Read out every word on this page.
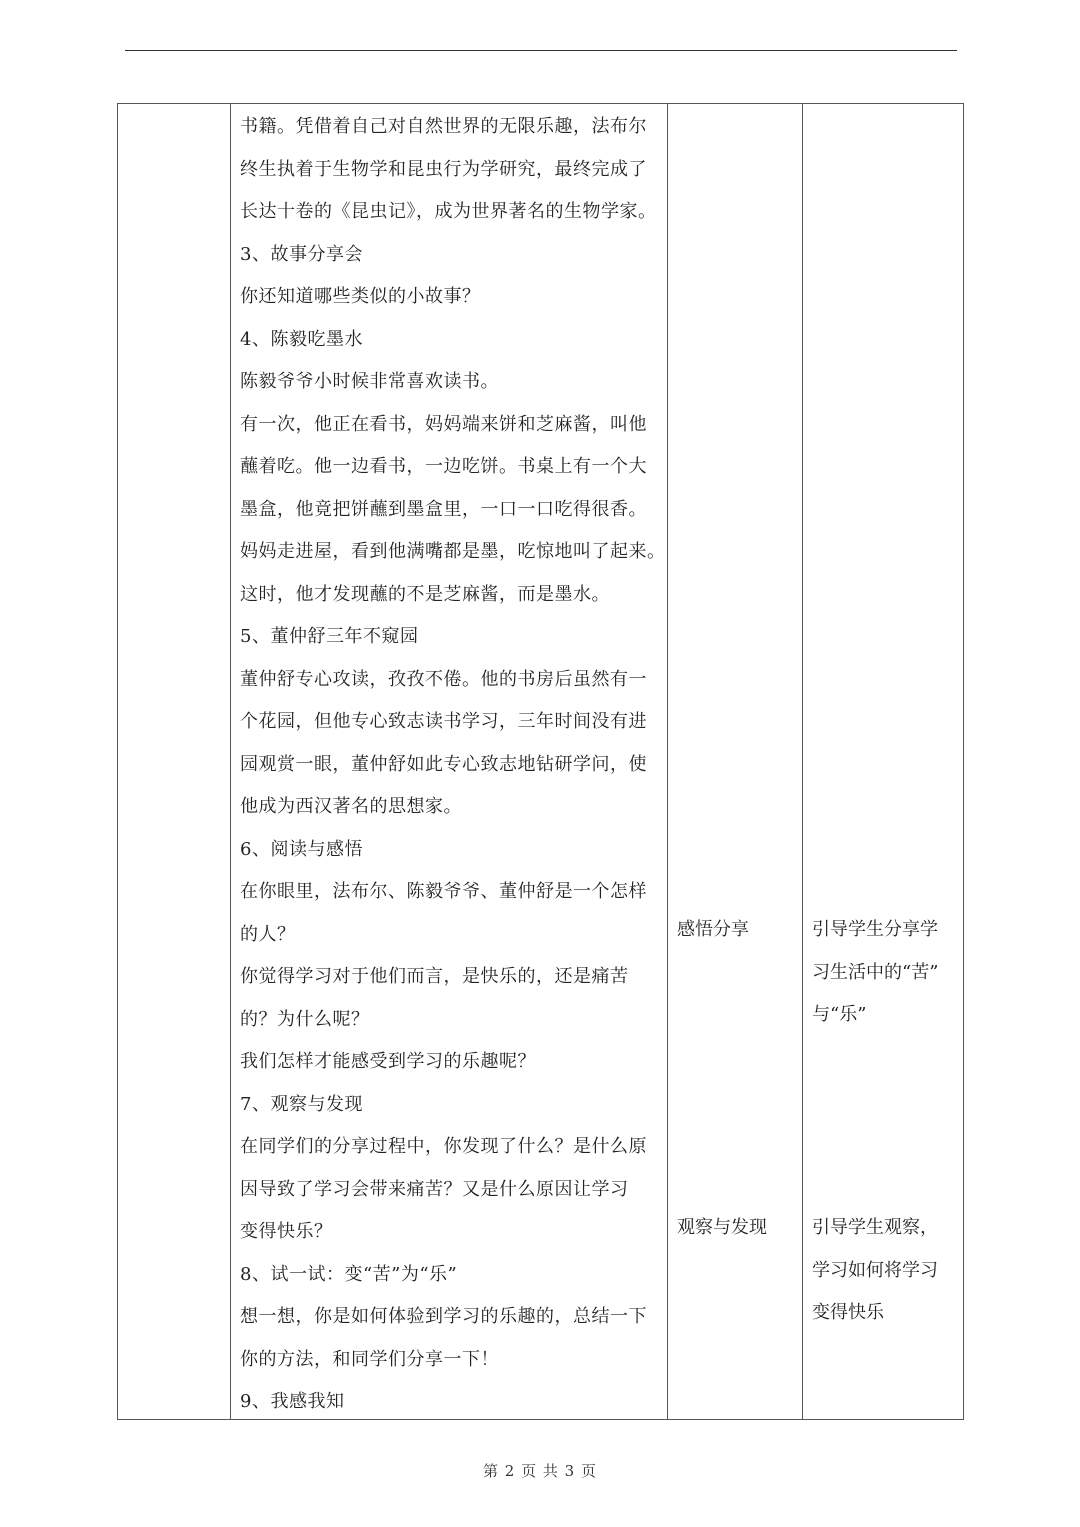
书籍。凭借着自己对自然世界的无限乐趣，法布尔

终生执着于生物学和昆虫行为学研究，最终完成了

长达十卷的《昆虫记》，成为世界著名的生物学家。

3、故事分享会

你还知道哪些类似的小故事？

4、陈毅吃墨水

陈毅爷爷小时候非常喜欢读书。

有一次，他正在看书，妈妈端来饼和芝麻酱，叫他

蘸着吃。他一边看书，一边吃饼。书桌上有一个大

墨盒，他竟把饼蘸到墨盒里，一口一口吃得很香。

妈妈走进屋，看到他满嘴都是墨，吃惊地叫了起来。

这时，他才发现蘸的不是芝麻酱，而是墨水。

5、董仲舒三年不窥园

董仲舒专心攻读，孜孜不倦。他的书房后虽然有一

个花园，但他专心致志读书学习，三年时间没有进

园观赏一眼，董仲舒如此专心致志地钻研学问，使

他成为西汉著名的思想家。

6、阅读与感悟

在你眼里，法布尔、陈毅爷爷、董仲舒是一个怎样

的人？

你觉得学习对于他们而言，是快乐的，还是痛苦

的？为什么呢？

我们怎样才能感受到学习的乐趣呢？

7、观察与发现

在同学们的分享过程中，你发现了什么？是什么原

因导致了学习会带来痛苦？又是什么原因让学习

变得快乐？

8、试一试：变“苦”为“乐”

想一想，你是如何体验到学习的乐趣的，总结一下

你的方法，和同学们分享一下！

9、我感我知

感悟分享

观察与发现

引导学生分享学

习生活中的“苦”

与“乐”

引导学生观察，

学习如何将学习

变得快乐

第 2 页 共 3 页
